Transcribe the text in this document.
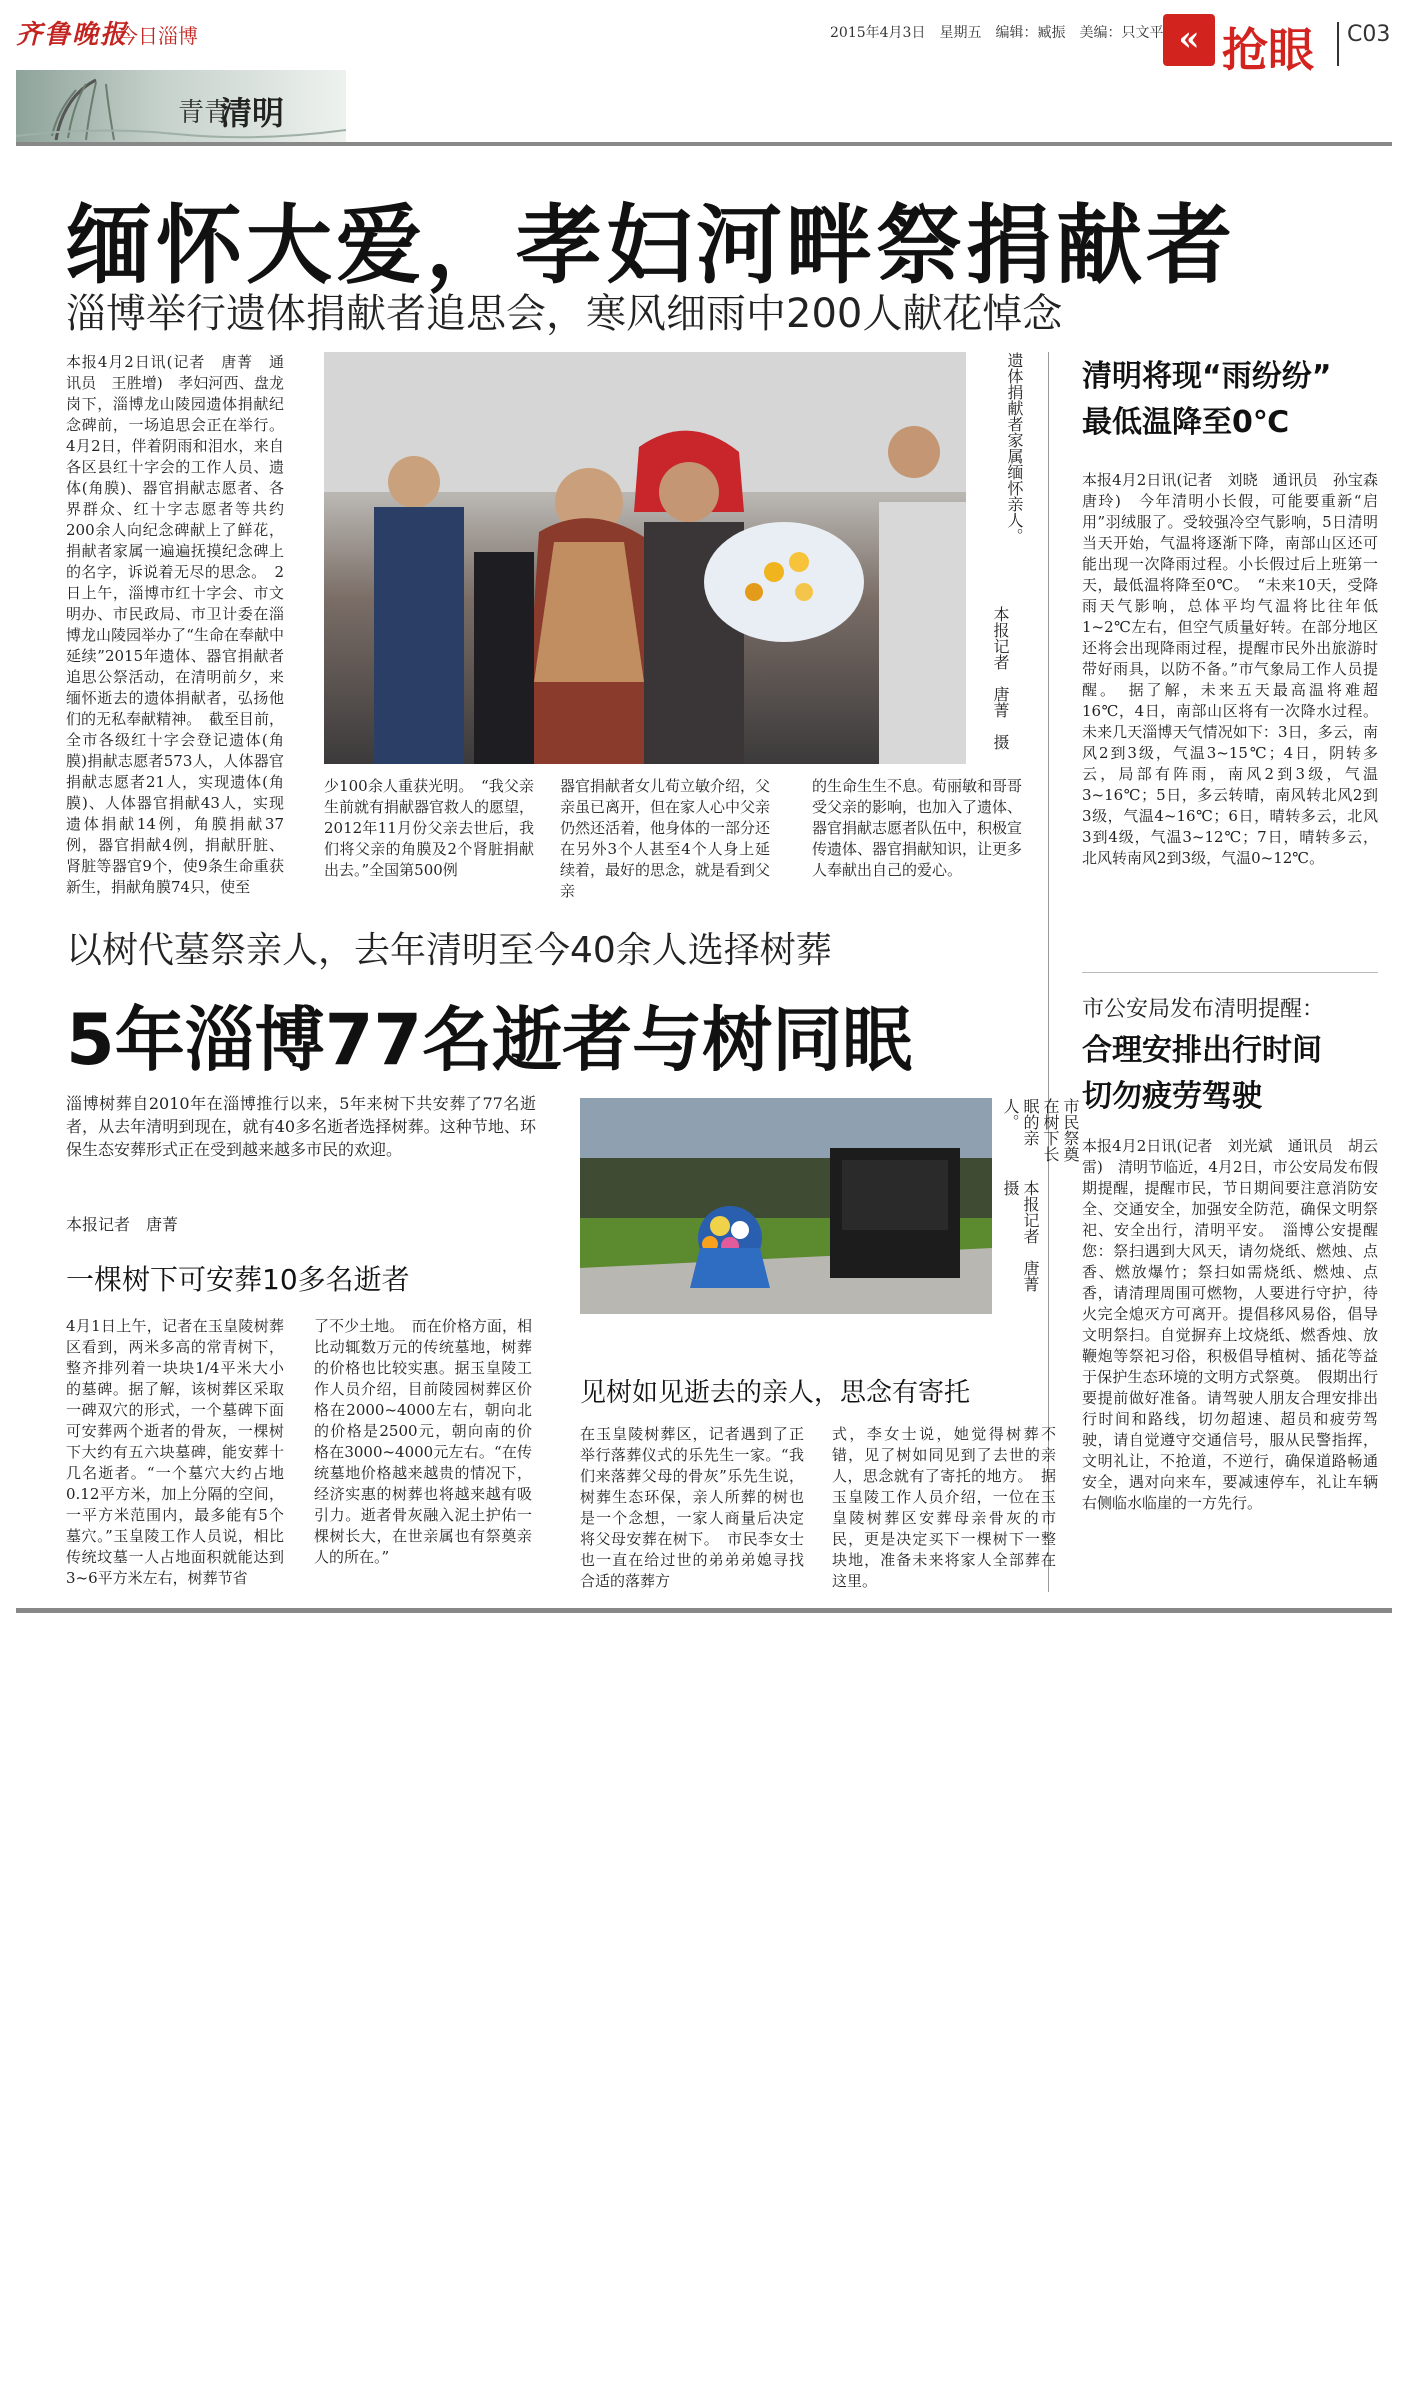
齐鲁晚报
今日淄博	2015年4月3日　星期五　编辑：臧振　美编：只文平 « 抢眼 C03
青青
清明
缅怀大爱，孝妇河畔祭捐献者
淄博举行遗体捐献者追思会，寒风细雨中200人献花悼念
本报4月2日讯(记者　唐菁　通讯员　王胜增)　孝妇河西、盘龙岗下，淄博龙山陵园遗体捐献纪念碑前，一场追思会正在举行。4月2日，伴着阴雨和泪水，来自各区县红十字会的工作人员、遗体(角膜)、器官捐献志愿者、各界群众、红十字志愿者等共约200余人向纪念碑献上了鲜花，捐献者家属一遍遍抚摸纪念碑上的名字，诉说着无尽的思念。　2日上午，淄博市红十字会、市文明办、市民政局、市卫计委在淄博龙山陵园举办了“生命在奉献中延续”2015年遗体、器官捐献者追思公祭活动，在清明前夕，来缅怀逝去的遗体捐献者，弘扬他们的无私奉献精神。　截至目前，全市各级红十字会登记遗体(角膜)捐献志愿者573人，人体器官捐献志愿者21人，实现遗体(角膜)、人体器官捐献43人，实现遗体捐献14例，角膜捐献37例，器官捐献4例，捐献肝脏、肾脏等器官9个，使9条生命重获新生，捐献角膜74只，使至
遗体捐献者家属缅怀亲人。
本报记者　唐菁　摄
少100余人重获光明。　“我父亲生前就有捐献器官救人的愿望，2012年11月份父亲去世后，我们将父亲的角膜及2个肾脏捐献出去。”全国第500例
器官捐献者女儿荀立敏介绍，父亲虽已离开，但在家人心中父亲仍然还活着，他身体的一部分还在另外3个人甚至4个人身上延续着，最好的思念，就是看到父亲
的生命生生不息。荀丽敏和哥哥受父亲的影响，也加入了遗体、器官捐献志愿者队伍中，积极宣传遗体、器官捐献知识，让更多人奉献出自己的爱心。
清明将现“雨纷纷”
最低温降至0℃
本报4月2日讯(记者　刘晓　通讯员　孙宝森　唐玲)　今年清明小长假，可能要重新“启用”羽绒服了。受较强冷空气影响，5日清明当天开始，气温将逐渐下降，南部山区还可能出现一次降雨过程。小长假过后上班第一天，最低温将降至0℃。　“未来10天，受降雨天气影响，总体平均气温将比往年低1~2℃左右，但空气质量好转。在部分地区还将会出现降雨过程，提醒市民外出旅游时带好雨具，以防不备。”市气象局工作人员提醒。　据了解，未来五天最高温将难超16℃，4日，南部山区将有一次降水过程。未来几天淄博天气情况如下：3日，多云，南风2到3级，气温3~15℃；4日，阴转多云，局部有阵雨，南风2到3级，气温3~16℃；5日，多云转晴，南风转北风2到3级，气温4~16℃；6日，晴转多云，北风3到4级，气温3~12℃；7日，晴转多云，北风转南风2到3级，气温0~12℃。
市公安局发布清明提醒：
合理安排出行时间
切勿疲劳驾驶
本报4月2日讯(记者　刘光斌　通讯员　胡云雷)　清明节临近，4月2日，市公安局发布假期提醒，提醒市民，节日期间要注意消防安全、交通安全，加强安全防范，确保文明祭祀、安全出行，清明平安。　淄博公安提醒您：祭扫遇到大风天，请勿烧纸、燃烛、点香、燃放爆竹；祭扫如需烧纸、燃烛、点香，请清理周围可燃物，人要进行守护，待火完全熄灭方可离开。提倡移风易俗，倡导文明祭扫。自觉摒弃上坟烧纸、燃香烛、放鞭炮等祭祀习俗，积极倡导植树、插花等益于保护生态环境的文明方式祭奠。　假期出行要提前做好准备。请驾驶人朋友合理安排出行时间和路线，切勿超速、超员和疲劳驾驶，请自觉遵守交通信号，服从民警指挥，文明礼让，不抢道，不逆行，确保道路畅通安全，遇对向来车，要减速停车，礼让车辆右侧临水临崖的一方先行。
以树代墓祭亲人，去年清明至今40余人选择树葬
5年淄博77名逝者与树同眠
淄博树葬自2010年在淄博推行以来，5年来树下共安葬了77名逝者，从去年清明到现在，就有40多名逝者选择树葬。这种节地、环保生态安葬形式正在受到越来越多市民的欢迎。
本报记者　唐菁
一棵树下可安葬10多名逝者
4月1日上午，记者在玉皇陵树葬区看到，两米多高的常青树下，整齐排列着一块块1/4平米大小的墓碑。据了解，该树葬区采取一碑双穴的形式，一个墓碑下面可安葬两个逝者的骨灰，一棵树下大约有五六块墓碑，能安葬十几名逝者。“一个墓穴大约占地0.12平方米，加上分隔的空间，一平方米范围内，最多能有5个墓穴。”玉皇陵工作人员说，相比传统坟墓一人占地面积就能达到3~6平方米左右，树葬节省
了不少土地。　而在价格方面，相比动辄数万元的传统墓地，树葬的价格也比较实惠。据玉皇陵工作人员介绍，目前陵园树葬区价格在2000~4000左右，朝向北的价格是2500元，朝向南的价格在3000~4000元左右。“在传统墓地价格越来越贵的情况下，经济实惠的树葬也将越来越有吸引力。逝者骨灰融入泥土护佑一棵树长大，在世亲属也有祭奠亲人的所在。”
市民祭奠在树下长眠的亲人。
本报记者　唐菁　摄
见树如见逝去的亲人，思念有寄托
在玉皇陵树葬区，记者遇到了正举行落葬仪式的乐先生一家。“我们来落葬父母的骨灰”乐先生说，树葬生态环保，亲人所葬的树也是一个念想，一家人商量后决定将父母安葬在树下。　市民李女士也一直在给过世的弟弟弟媳寻找合适的落葬方
式，李女士说，她觉得树葬不错，见了树如同见到了去世的亲人，思念就有了寄托的地方。　据玉皇陵工作人员介绍，一位在玉皇陵树葬区安葬母亲骨灰的市民，更是决定买下一棵树下一整块地，准备未来将家人全部葬在这里。
